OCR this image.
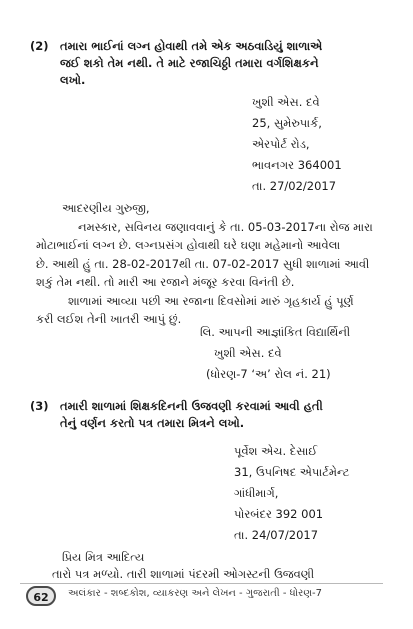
(2) તમારા ભાઈનાં લગ્ન હોવાથી તમે એક અઠવાડિયું શાળાએ
જઈ શકો તેમ નથી. તે માટે રજાચિઠ્ઠી તમારા વર્ગશિક્ષકને
લખો.
ખુશી એસ. દવે
25, સુમેરુપાર્ક,
એરપોર્ટ રોડ,
ભાવનગર 364001
તા. 27/02/2017
આદરણીય ગુરુજી,
નમસ્કાર, સવિનય જણાવવાનું કે તા. 05-03-2017ના રોજ મારા
મોટાભાઈનાં લગ્ન છે. લગ્નપ્રસંગ હોવાથી ઘરે ઘણા મહેમાનો આવેલા
છે. આથી હું તા. 28-02-2017થી તા. 07-02-2017 સુધી શાળામાં આવી
શકું તેમ નથી. તો મારી આ રજાને મંજૂર કરવા વિનંતી છે.
શાળામાં આવ્યા પછી આ રજાના દિવસોમાં મારું ગૃહકાર્ય હું પૂર્ણ
કરી લઈશ તેની ખાતરી આપું છું.
લિ. આપની આજ્ઞાંકિત વિદ્યાર્થિની
ખુશી એસ. દવે
(ધોરણ-7 ‘અ’ રોલ નં. 21)
(3) તમારી શાળામાં શિક્ષકદિનની ઉજવણી કરવામાં આવી હતી
તેનું વર્ણન કરતો પત્ર તમારા મિત્રને લખો.
પૂર્વેશ એચ. દેસાઈ
31, ઉપનિષદ એપાર્ટમેન્ટ
ગાંધીમાર્ગ,
પોરબંદર 392 001
તા. 24/07/2017
પ્રિય મિત્ર આદિત્ય
તારો પત્ર મળ્યો. તારી શાળામાં પંદરમી ઓગસ્ટની ઉજવણી
62	અલંકાર - શબ્દકોશ, વ્યાકરણ અને લેખન - ગુજરાતી - ધોરણ-7
